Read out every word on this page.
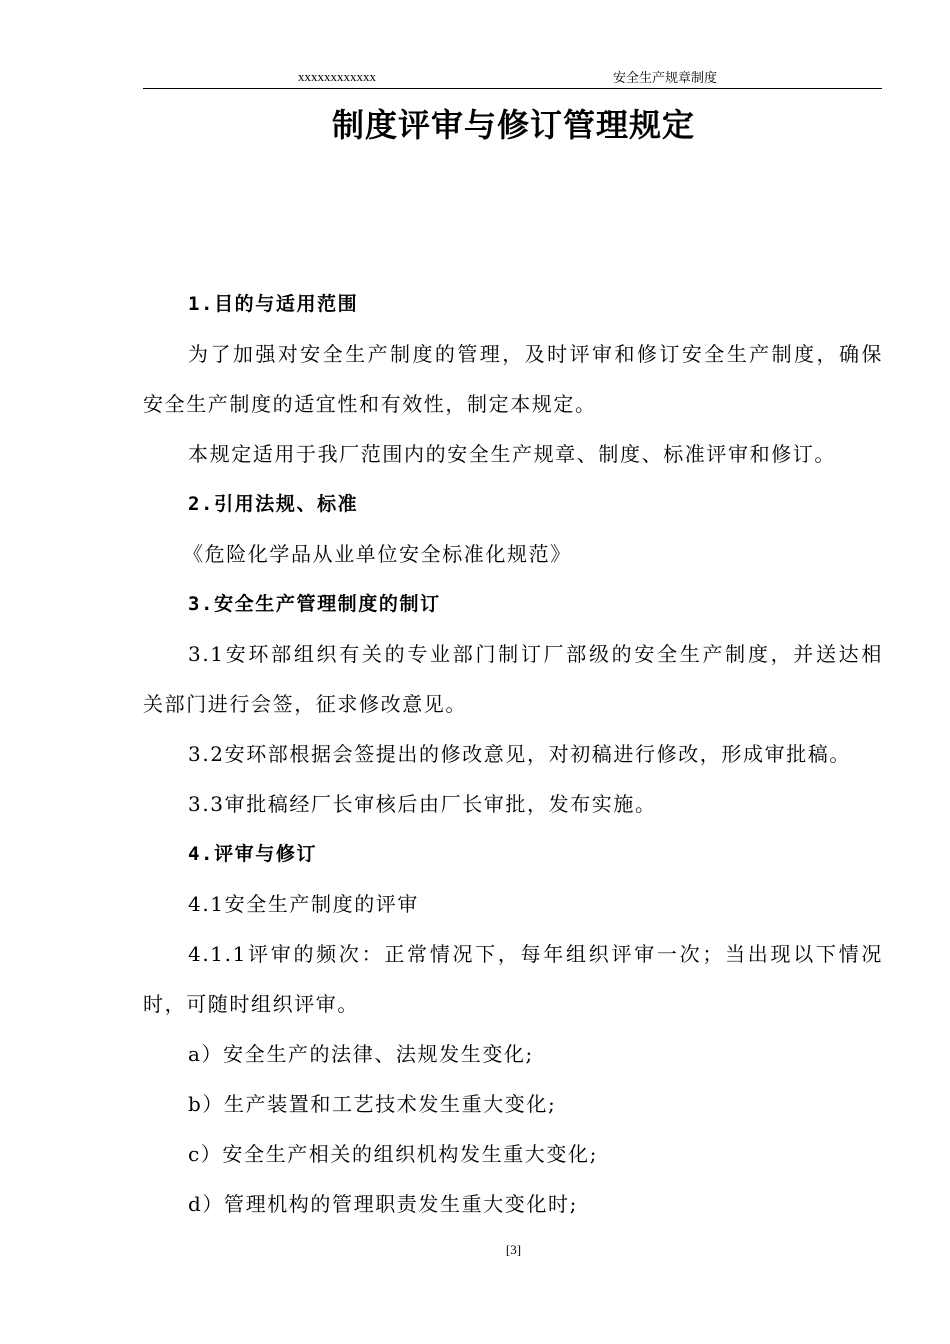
xxxxxxxxxxxx	安全生产规章制度
制度评审与修订管理规定
1.目的与适用范围
为了加强对安全生产制度的管理，及时评审和修订安全生产制度，确保
安全生产制度的适宜性和有效性，制定本规定。
本规定适用于我厂范围内的安全生产规章、制度、标准评审和修订。
2.引用法规、标准
《危险化学品从业单位安全标准化规范》
3.安全生产管理制度的制订
3.1安环部组织有关的专业部门制订厂部级的安全生产制度，并送达相
关部门进行会签，征求修改意见。
3.2安环部根据会签提出的修改意见，对初稿进行修改，形成审批稿。
3.3审批稿经厂长审核后由厂长审批，发布实施。
4.评审与修订
4.1安全生产制度的评审
4.1.1评审的频次：正常情况下，每年组织评审一次；当出现以下情况
时，可随时组织评审。
a）安全生产的法律、法规发生变化;
b）生产装置和工艺技术发生重大变化;
c）安全生产相关的组织机构发生重大变化;
d）管理机构的管理职责发生重大变化时;
[3]
